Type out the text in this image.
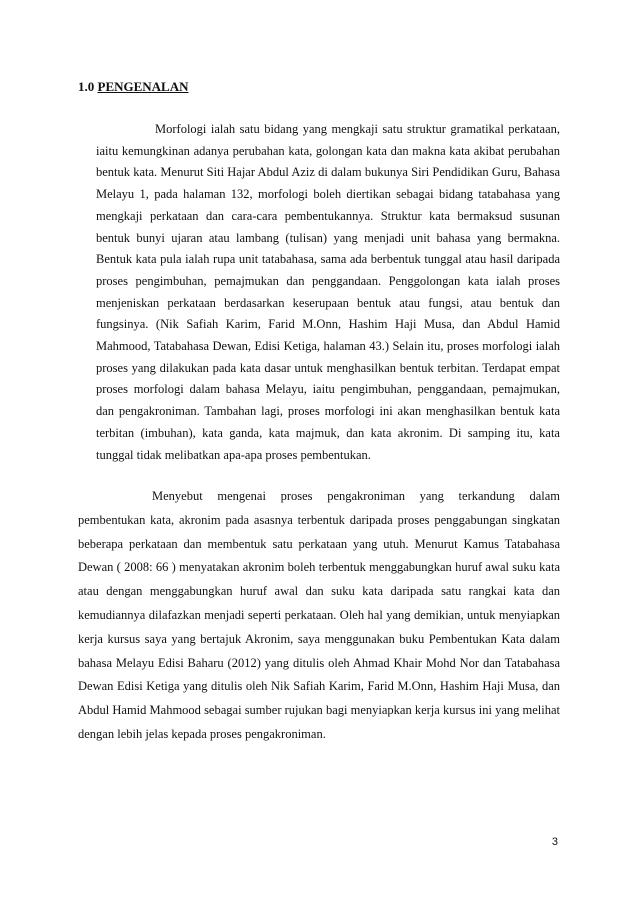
1.0 PENGENALAN

Morfologi ialah satu bidang yang mengkaji satu struktur gramatikal perkataan, iaitu kemungkinan adanya perubahan kata, golongan kata dan makna kata akibat perubahan bentuk kata. Menurut Siti Hajar Abdul Aziz di dalam bukunya Siri Pendidikan Guru, Bahasa Melayu 1, pada halaman 132, morfologi boleh diertikan sebagai bidang tatabahasa yang mengkaji perkataan dan cara-cara pembentukannya. Struktur kata bermaksud susunan bentuk bunyi ujaran atau lambang (tulisan) yang menjadi unit bahasa yang bermakna. Bentuk kata pula ialah rupa unit tatabahasa, sama ada berbentuk tunggal atau hasil daripada proses pengimbuhan, pemajmukan dan penggandaan. Penggolongan kata ialah proses menjeniskan perkataan berdasarkan keserupaan bentuk atau fungsi, atau bentuk dan fungsinya. (Nik Safiah Karim, Farid M.Onn, Hashim Haji Musa, dan Abdul Hamid Mahmood, Tatabahasa Dewan, Edisi Ketiga, halaman 43.) Selain itu, proses morfologi ialah proses yang dilakukan pada kata dasar untuk menghasilkan bentuk terbitan. Terdapat empat proses morfologi dalam bahasa Melayu, iaitu pengimbuhan, penggandaan, pemajmukan, dan pengakroniman. Tambahan lagi, proses morfologi ini akan menghasilkan bentuk kata terbitan (imbuhan), kata ganda, kata majmuk, dan kata akronim. Di samping itu, kata tunggal tidak melibatkan apa-apa proses pembentukan.

Menyebut mengenai proses pengakroniman yang terkandung dalam pembentukan kata, akronim pada asasnya terbentuk daripada proses penggabungan singkatan beberapa perkataan dan membentuk satu perkataan yang utuh. Menurut Kamus Tatabahasa Dewan ( 2008: 66 ) menyatakan akronim boleh terbentuk menggabungkan huruf awal suku kata atau dengan menggabungkan huruf awal dan suku kata daripada satu rangkai kata dan kemudiannya dilafazkan menjadi seperti perkataan. Oleh hal yang demikian, untuk menyiapkan kerja kursus saya yang bertajuk Akronim, saya menggunakan buku Pembentukan Kata dalam bahasa Melayu Edisi Baharu (2012) yang ditulis oleh Ahmad Khair Mohd Nor dan Tatabahasa Dewan Edisi Ketiga yang ditulis oleh Nik Safiah Karim, Farid M.Onn, Hashim Haji Musa, dan Abdul Hamid Mahmood sebagai sumber rujukan bagi menyiapkan kerja kursus ini yang melihat dengan lebih jelas kepada proses pengakroniman.

3
